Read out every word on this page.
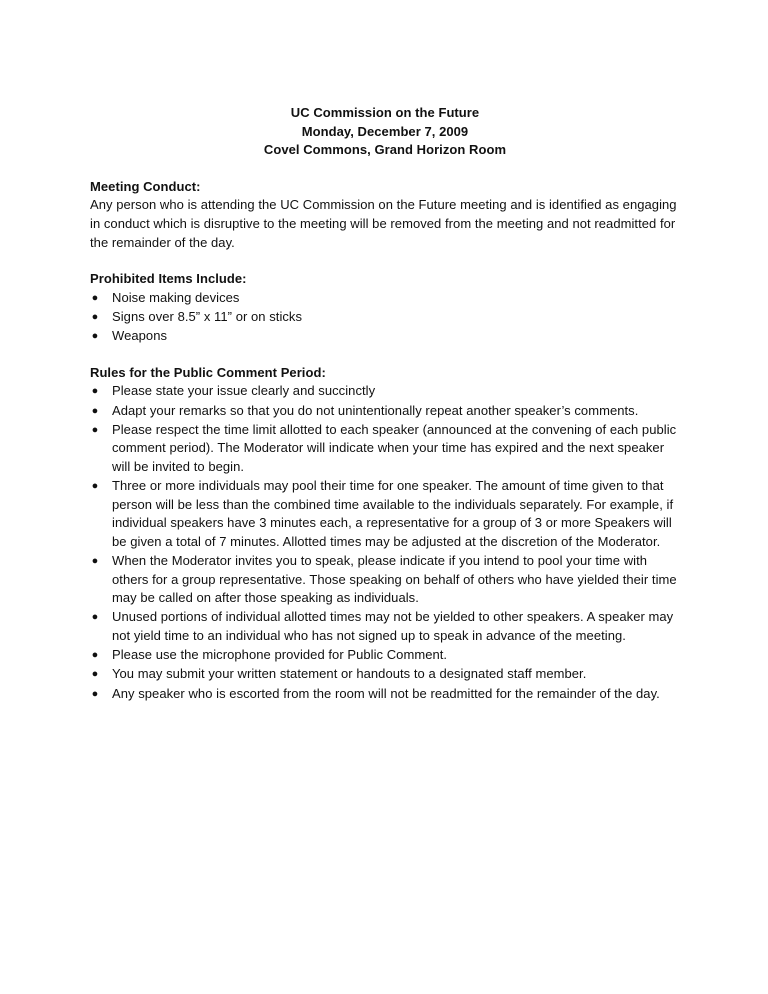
UC Commission on the Future
Monday, December 7, 2009
Covel Commons, Grand Horizon Room
Meeting Conduct:
Any person who is attending the UC Commission on the Future meeting and is identified as engaging in conduct which is disruptive to the meeting will be removed from the meeting and not readmitted for the remainder of the day.
Prohibited Items Include:
● Noise making devices
● Signs over 8.5” x 11” or on sticks
● Weapons
Rules for the Public Comment Period:
● Please state your issue clearly and succinctly
● Adapt your remarks so that you do not unintentionally repeat another speaker’s comments.
● Please respect the time limit allotted to each speaker (announced at the convening of each public comment period). The Moderator will indicate when your time has expired and the next speaker will be invited to begin.
● Three or more individuals may pool their time for one speaker. The amount of time given to that person will be less than the combined time available to the individuals separately. For example, if individual speakers have 3 minutes each, a representative for a group of 3 or more Speakers will be given a total of 7 minutes. Allotted times may be adjusted at the discretion of the Moderator.
● When the Moderator invites you to speak, please indicate if you intend to pool your time with others for a group representative. Those speaking on behalf of others who have yielded their time may be called on after those speaking as individuals.
● Unused portions of individual allotted times may not be yielded to other speakers. A speaker may not yield time to an individual who has not signed up to speak in advance of the meeting.
● Please use the microphone provided for Public Comment.
● You may submit your written statement or handouts to a designated staff member.
● Any speaker who is escorted from the room will not be readmitted for the remainder of the day.
